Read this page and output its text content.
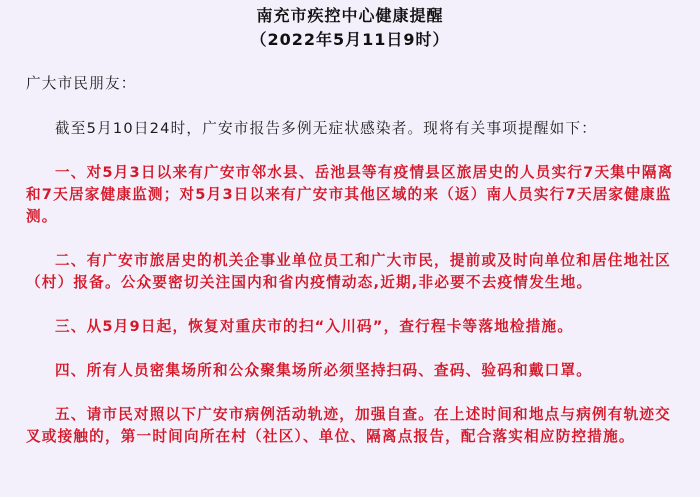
南充市疾控中心健康提醒
（2022年5月11日9时）
广大市民朋友：
截至5月10日24时，广安市报告多例无症状感染者。现将有关事项提醒如下：
一、对5月3日以来有广安市邻水县、岳池县等有疫情县区旅居史的人员实行7天集中隔离和7天居家健康监测；对5月3日以来有广安市其他区域的来（返）南人员实行7天居家健康监测。
二、有广安市旅居史的机关企事业单位员工和广大市民，提前或及时向单位和居住地社区（村）报备。公众要密切关注国内和省内疫情动态,近期,非必要不去疫情发生地。
三、从5月9日起，恢复对重庆市的扫“入川码”，查行程卡等落地检措施。
四、所有人员密集场所和公众聚集场所必须坚持扫码、查码、验码和戴口罩。
五、请市民对照以下广安市病例活动轨迹，加强自查。在上述时间和地点与病例有轨迹交叉或接触的，第一时间向所在村（社区）、单位、隔离点报告，配合落实相应防控措施。
